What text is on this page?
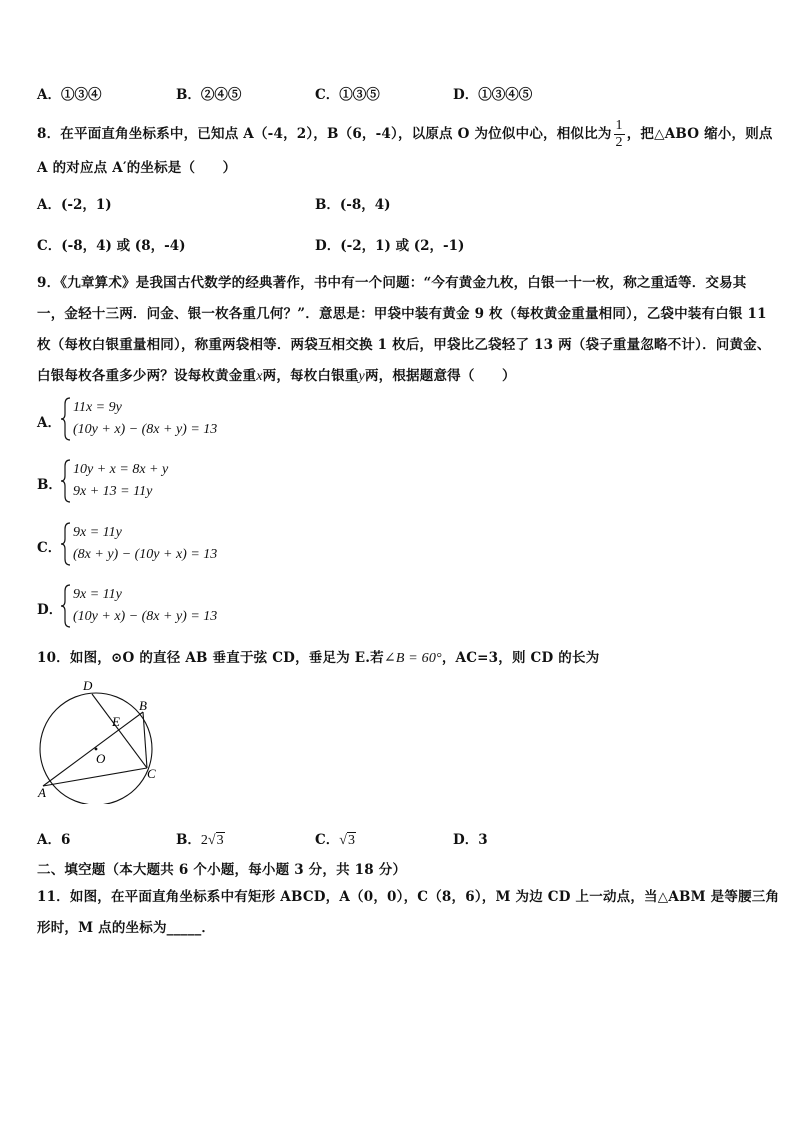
A．①③④	B．②④⑤	C．①③⑤	D．①③④⑤
8．在平面直角坐标系中，已知点 A（-4，2），B（6，-4），以原点 O 为位似中心，相似比为 $\frac{1}{2}$ ，把△ABO 缩小，则点
A 的对应点 A′的坐标是（　　）
A．(-2，1)	B．(-8，4)
C．(-8，4) 或 (8，-4)	D．(-2，1) 或 (2，-1)
9．《九章算术》是我国古代数学的经典著作，书中有一个问题：“今有黄金九枚，白银一十一枚，称之重适等．交易其
一，金轻十三两．问金、银一枚各重几何？”．意思是：甲袋中装有黄金 9 枚（每枚黄金重量相同），乙袋中装有白银 11
枚（每枚白银重量相同），称重两袋相等．两袋互相交换 1 枚后，甲袋比乙袋轻了 13 两（袋子重量忽略不计）．问黄金、
白银每枚各重多少两？设每枚黄金重x两，每枚白银重y两，根据题意得（　　）
A．
11x = 9y
(10y + x) − (8x + y) = 13
B．
10y + x = 8x + y
9x + 13 = 11y
C．
9x = 11y
(8x + y) − (10y + x) = 13
D．
9x = 11y
(10y + x) − (8x + y) = 13
10．如图，⊙O 的直径 AB 垂直于弦 CD，垂足为 E.若∠B = 60°，AC=3，则 CD 的长为
D
B
E
O
C
A
A．6	B．2√3	C．√3	D．3
二、填空题（本大题共 6 个小题，每小题 3 分，共 18 分）
11．如图，在平面直角坐标系中有矩形 ABCD，A（0，0），C（8，6），M 为边 CD 上一动点，当△ABM 是等腰三角
形时，M 点的坐标为_____．
